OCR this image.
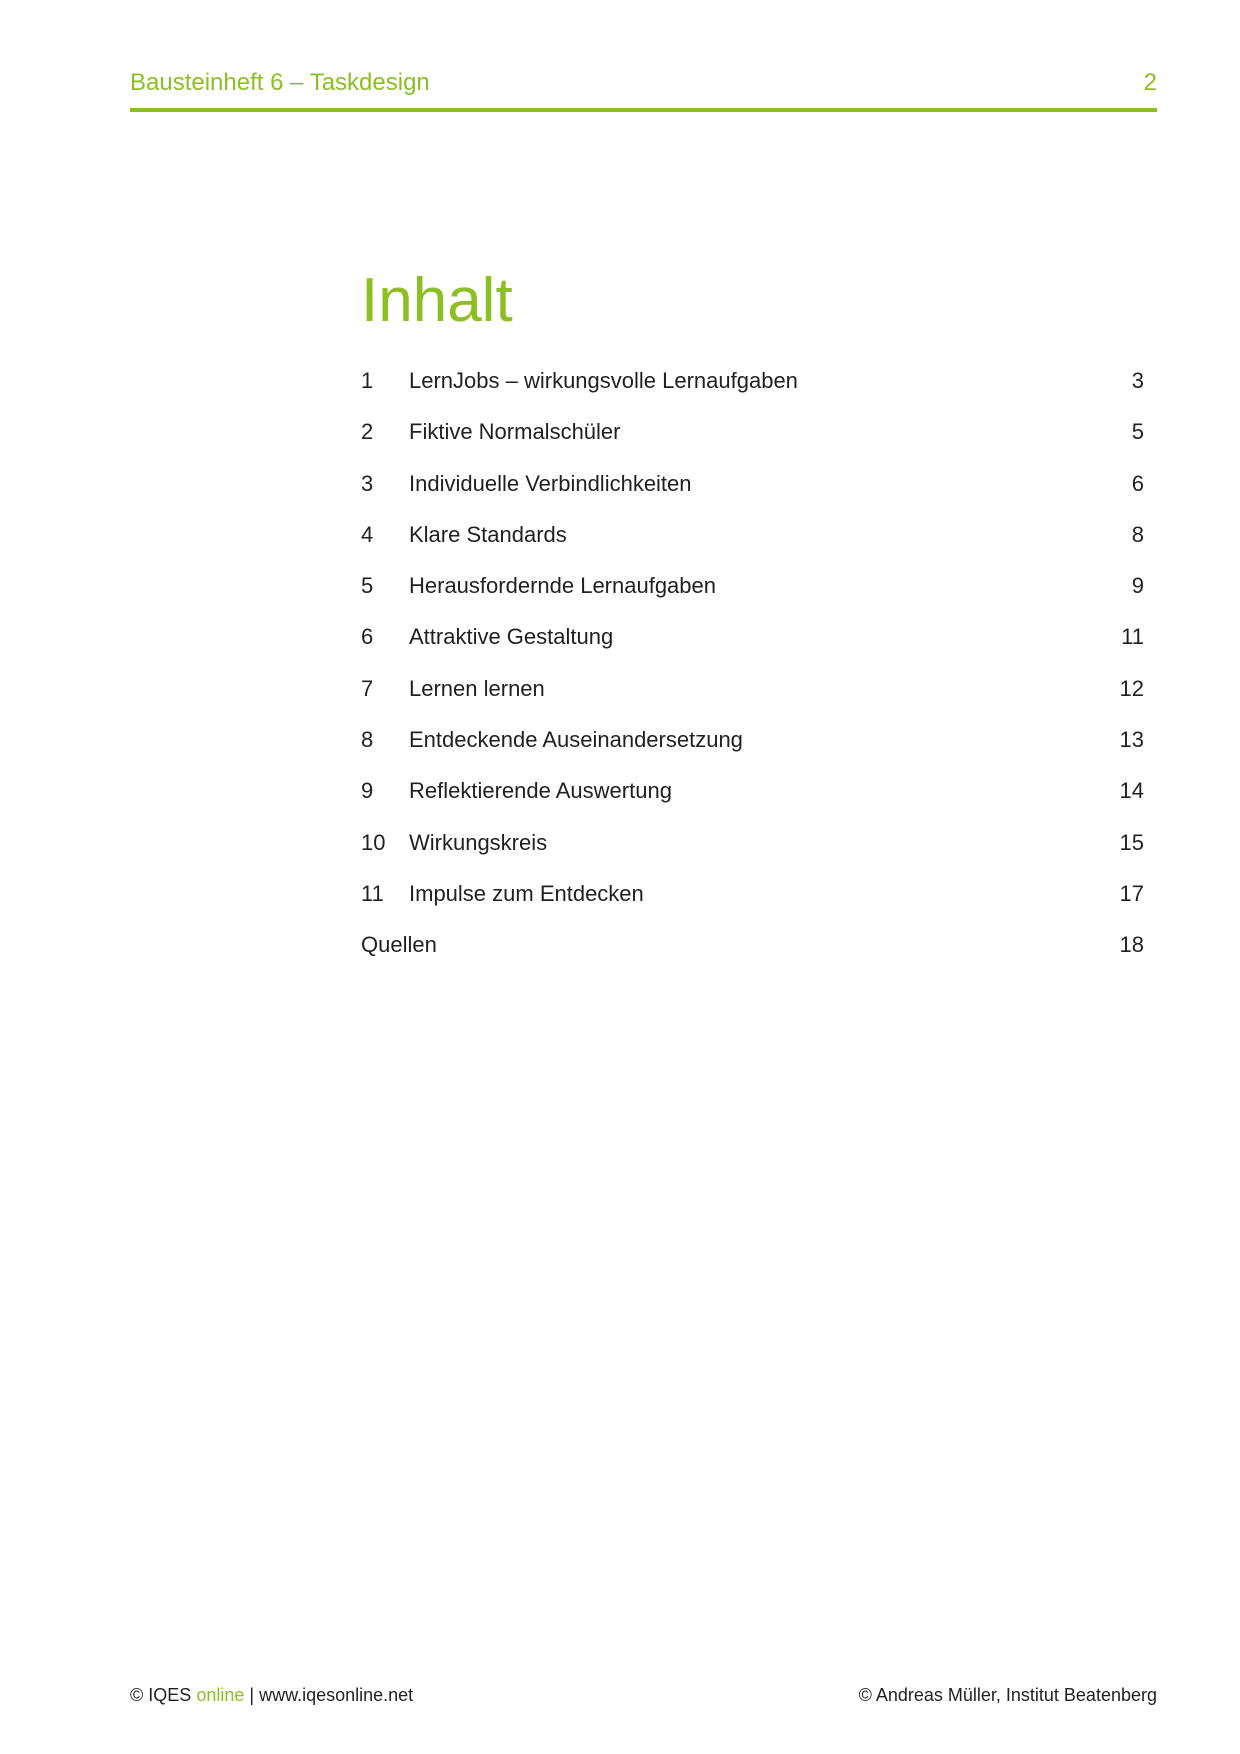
Bausteinheft 6 – Taskdesign	2
Inhalt
1 LernJobs – wirkungsvolle Lernaufgaben	3
2 Fiktive Normalschüler	5
3 Individuelle Verbindlichkeiten	6
4 Klare Standards	8
5 Herausfordernde Lernaufgaben	9
6 Attraktive Gestaltung	11
7 Lernen lernen	12
8 Entdeckende Auseinandersetzung	13
9 Reflektierende Auswertung	14
10 Wirkungskreis	15
11 Impulse zum Entdecken	17
Quellen	18
© IQES online | www.iqesonline.net	© Andreas Müller, Institut Beatenberg
